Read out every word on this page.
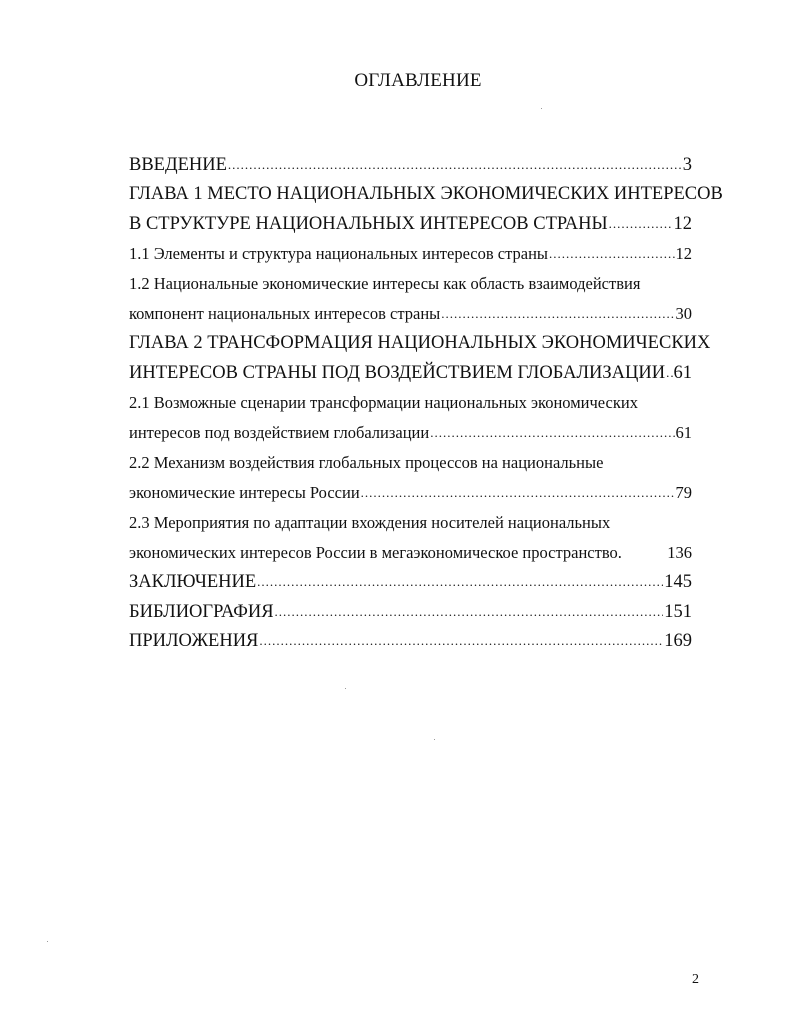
ОГЛАВЛЕНИЕ
ВВЕДЕНИЕ .....	3
ГЛАВА 1 МЕСТО НАЦИОНАЛЬНЫХ ЭКОНОМИЧЕСКИХ ИНТЕРЕСОВ
В СТРУКТУРЕ НАЦИОНАЛЬНЫХ ИНТЕРЕСОВ СТРАНЫ .....	12
1.1 Элементы и структура национальных интересов страны .....	12
1.2 Национальные экономические интересы как область взаимодействия
компонент национальных интересов страны .....	30
ГЛАВА 2 ТРАНСФОРМАЦИЯ НАЦИОНАЛЬНЫХ ЭКОНОМИЧЕСКИХ
ИНТЕРЕСОВ СТРАНЫ ПОД ВОЗДЕЙСТВИЕМ ГЛОБАЛИЗАЦИИ ..... 61
2.1 Возможные сценарии трансформации национальных экономических
интересов под воздействием глобализации .....	61
2.2 Механизм воздействия глобальных процессов на национальные
экономические интересы России .....	79
2.3 Мероприятия по адаптации вхождения носителей национальных
экономических интересов России в мегаэкономическое пространство.	136
ЗАКЛЮЧЕНИЕ .....	145
БИБЛИОГРАФИЯ .....	151
ПРИЛОЖЕНИЯ .....	169
2
